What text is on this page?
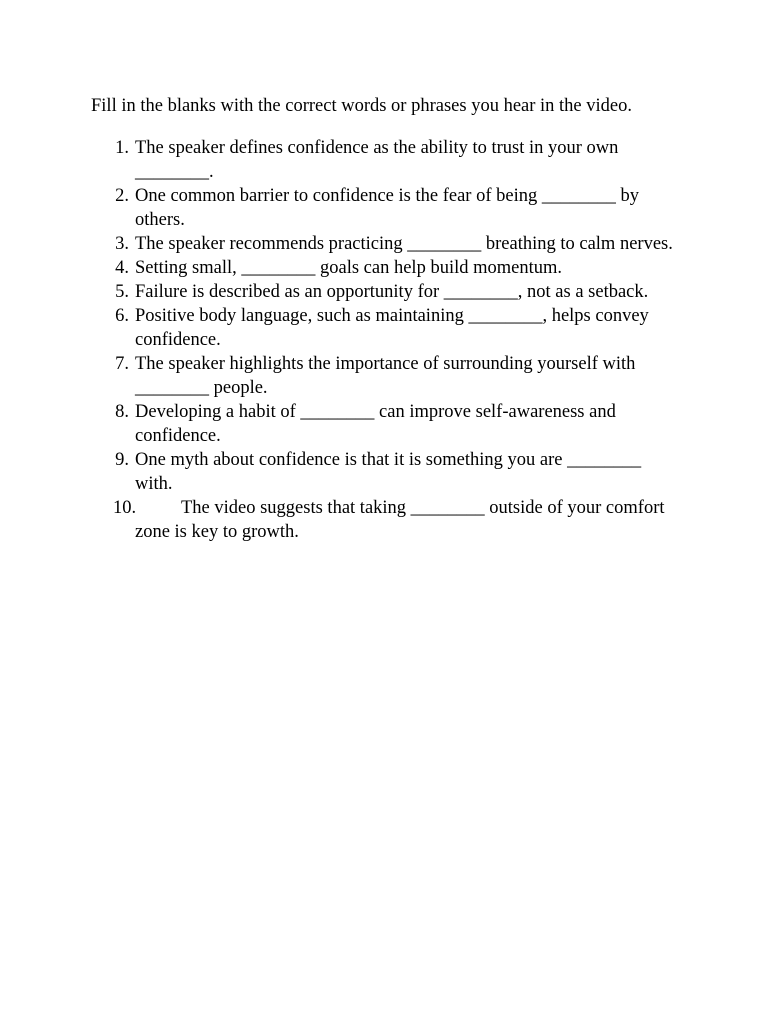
Fill in the blanks with the correct words or phrases you hear in the video.
1. The speaker defines confidence as the ability to trust in your own ________.
2. One common barrier to confidence is the fear of being ________ by others.
3. The speaker recommends practicing ________ breathing to calm nerves.
4. Setting small, ________ goals can help build momentum.
5. Failure is described as an opportunity for ________, not as a setback.
6. Positive body language, such as maintaining ________, helps convey confidence.
7. The speaker highlights the importance of surrounding yourself with ________ people.
8. Developing a habit of ________ can improve self-awareness and confidence.
9. One myth about confidence is that it is something you are ________ with.
10.	The video suggests that taking ________ outside of your comfort zone is key to growth.
